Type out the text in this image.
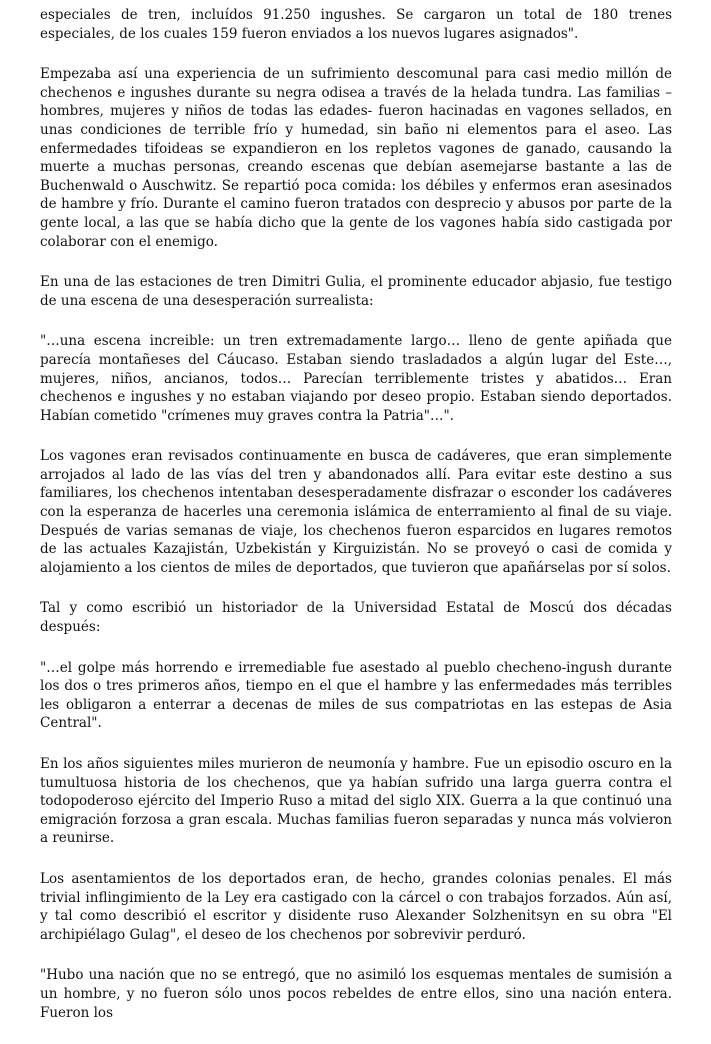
especiales de tren, incluídos 91.250 ingushes. Se cargaron un total de 180 trenes especiales, de los cuales 159 fueron enviados a los nuevos lugares asignados".

Empezaba así una experiencia de un sufrimiento descomunal para casi medio millón de chechenos e ingushes durante su negra odisea a través de la helada tundra. Las familias – hombres, mujeres y niños de todas las edades- fueron hacinadas en vagones sellados, en unas condiciones de terrible frío y humedad, sin baño ni elementos para el aseo. Las enfermedades tifoideas se expandieron en los repletos vagones de ganado, causando la muerte a muchas personas, creando escenas que debían asemejarse bastante a las de Buchenwald o Auschwitz. Se repartió poca comida: los débiles y enfermos eran asesinados de hambre y frío. Durante el camino fueron tratados con desprecio y abusos por parte de la gente local, a las que se había dicho que la gente de los vagones había sido castigada por colaborar con el enemigo.

En una de las estaciones de tren Dimitri Gulia, el prominente educador abjasio, fue testigo de una escena de una desesperación surrealista:

"…una escena increible: un tren extremadamente largo… lleno de gente apiñada que parecía montañeses del Cáucaso. Estaban siendo trasladados a algún lugar del Este…, mujeres, niños, ancianos, todos… Parecían terriblemente tristes y abatidos… Eran chechenos e ingushes y no estaban viajando por deseo propio. Estaban siendo deportados. Habían cometido "crímenes muy graves contra la Patria"…".

Los vagones eran revisados continuamente en busca de cadáveres, que eran simplemente arrojados al lado de las vías del tren y abandonados allí. Para evitar este destino a sus familiares, los chechenos intentaban desesperadamente disfrazar o esconder los cadáveres con la esperanza de hacerles una ceremonia islámica de enterramiento al final de su viaje. Después de varias semanas de viaje, los chechenos fueron esparcidos en lugares remotos de las actuales Kazajistán, Uzbekistán y Kirguizistán. No se proveyó o casi de comida y alojamiento a los cientos de miles de deportados, que tuvieron que apañárselas por sí solos.

Tal y como escribió un historiador de la Universidad Estatal de Moscú dos décadas después:

"…el golpe más horrendo e irremediable fue asestado al pueblo checheno-ingush durante los dos o tres primeros años, tiempo en el que el hambre y las enfermedades más terribles les obligaron a enterrar a decenas de miles de sus compatriotas en las estepas de Asia Central".

En los años siguientes miles murieron de neumonía y hambre. Fue un episodio oscuro en la tumultuosa historia de los chechenos, que ya habían sufrido una larga guerra contra el todopoderoso ejército del Imperio Ruso a mitad del siglo XIX. Guerra a la que continuó una emigración forzosa a gran escala. Muchas familias fueron separadas y nunca más volvieron a reunirse.

Los asentamientos de los deportados eran, de hecho, grandes colonias penales. El más trivial inflingimiento de la Ley era castigado con la cárcel o con trabajos forzados. Aún así, y tal como describió el escritor y disidente ruso Alexander Solzhenitsyn en su obra "El archipiélago Gulag", el deseo de los chechenos por sobrevivir perduró.

"Hubo una nación que no se entregó, que no asimiló los esquemas mentales de sumisión a un hombre, y no fueron sólo unos pocos rebeldes de entre ellos, sino una nación entera. Fueron los
